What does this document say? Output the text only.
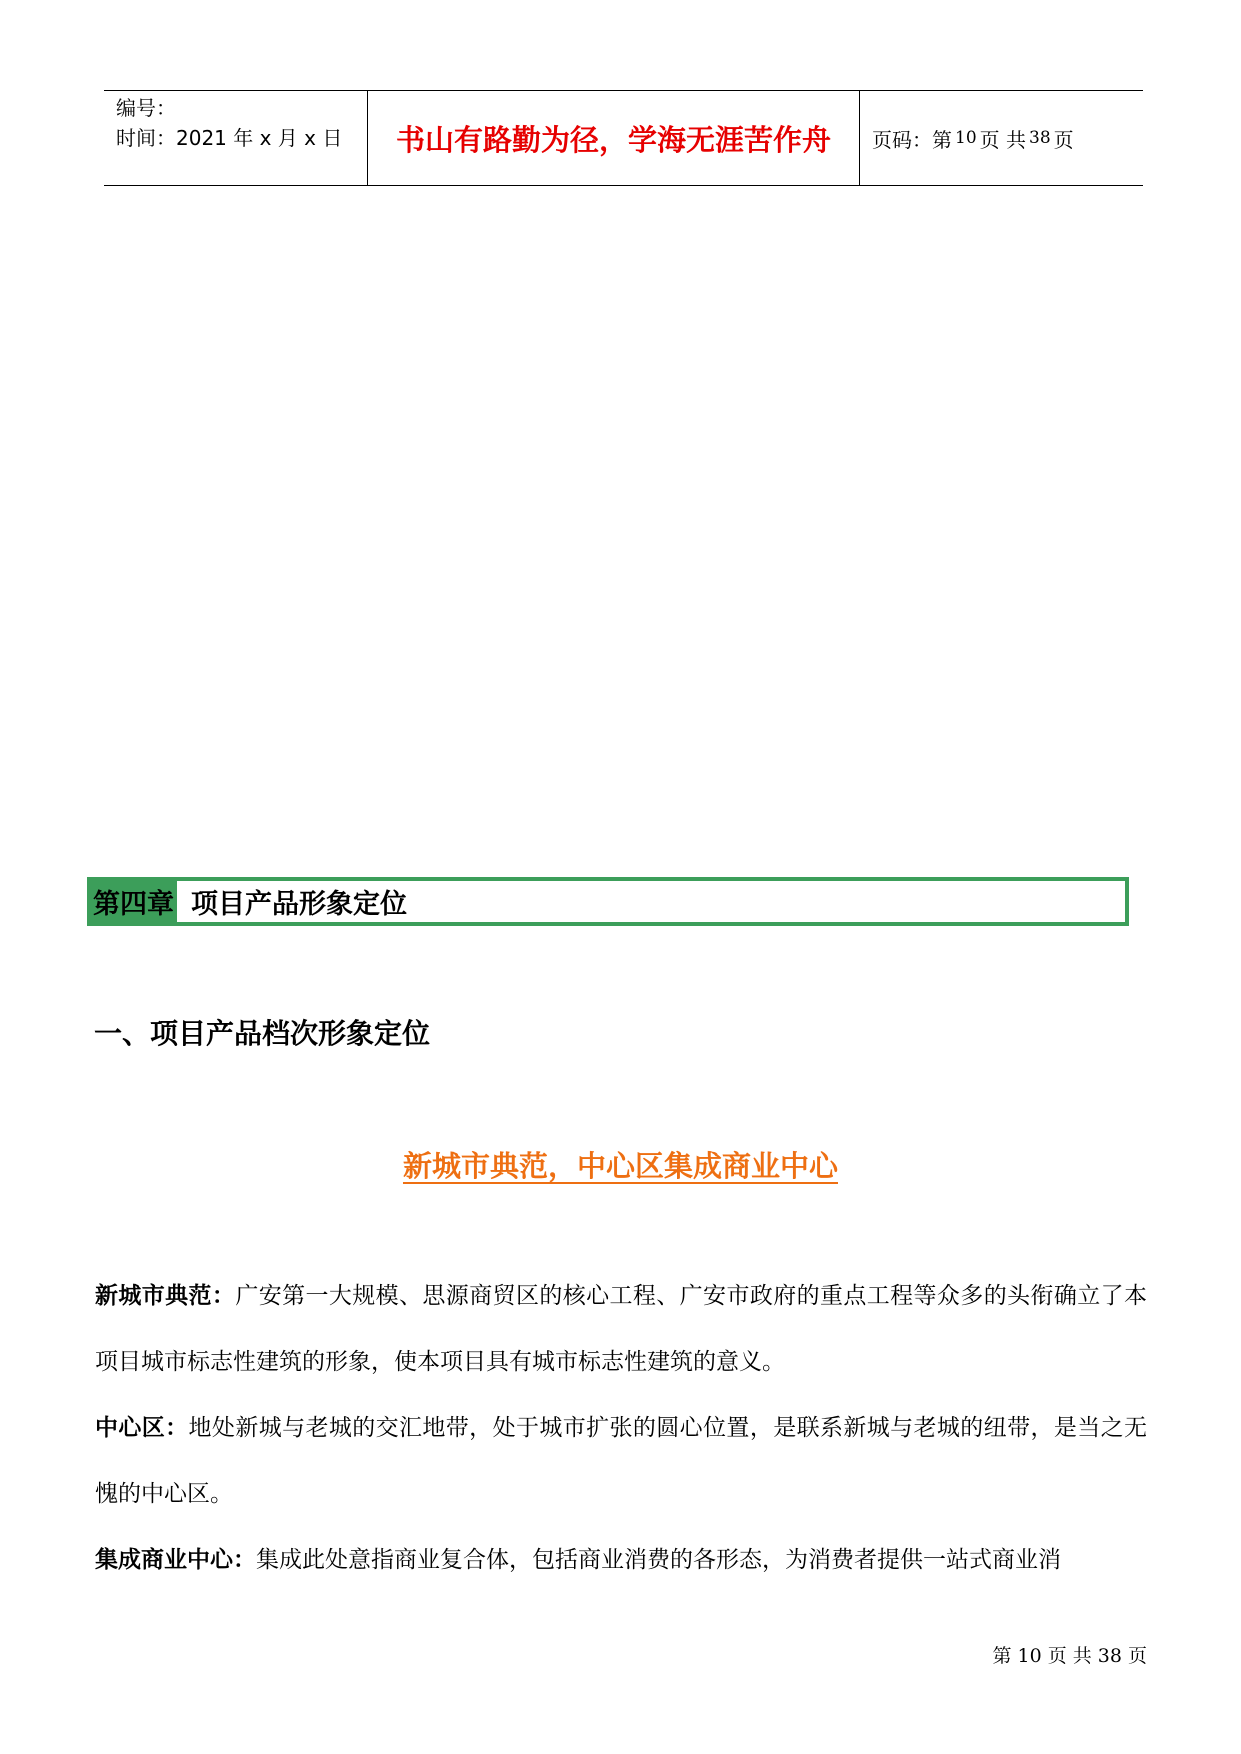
编号：
时间：2021 年 x 月 x 日	书山有路勤为径，学海无涯苦作舟	页码：第 10 页 共 38 页
第四章 项目产品形象定位
一、项目产品档次形象定位
新城市典范，中心区集成商业中心

新城市典范：广安第一大规模、思源商贸区的核心工程、广安市政府的重点工程等众多的头衔确立了本项目城市标志性建筑的形象，使本项目具有城市标志性建筑的意义。

中心区：地处新城与老城的交汇地带，处于城市扩张的圆心位置，是联系新城与老城的纽带，是当之无愧的中心区。

集成商业中心：集成此处意指商业复合体，包括商业消费的各形态，为消费者提供一站式商业消

第 10 页 共 38 页
